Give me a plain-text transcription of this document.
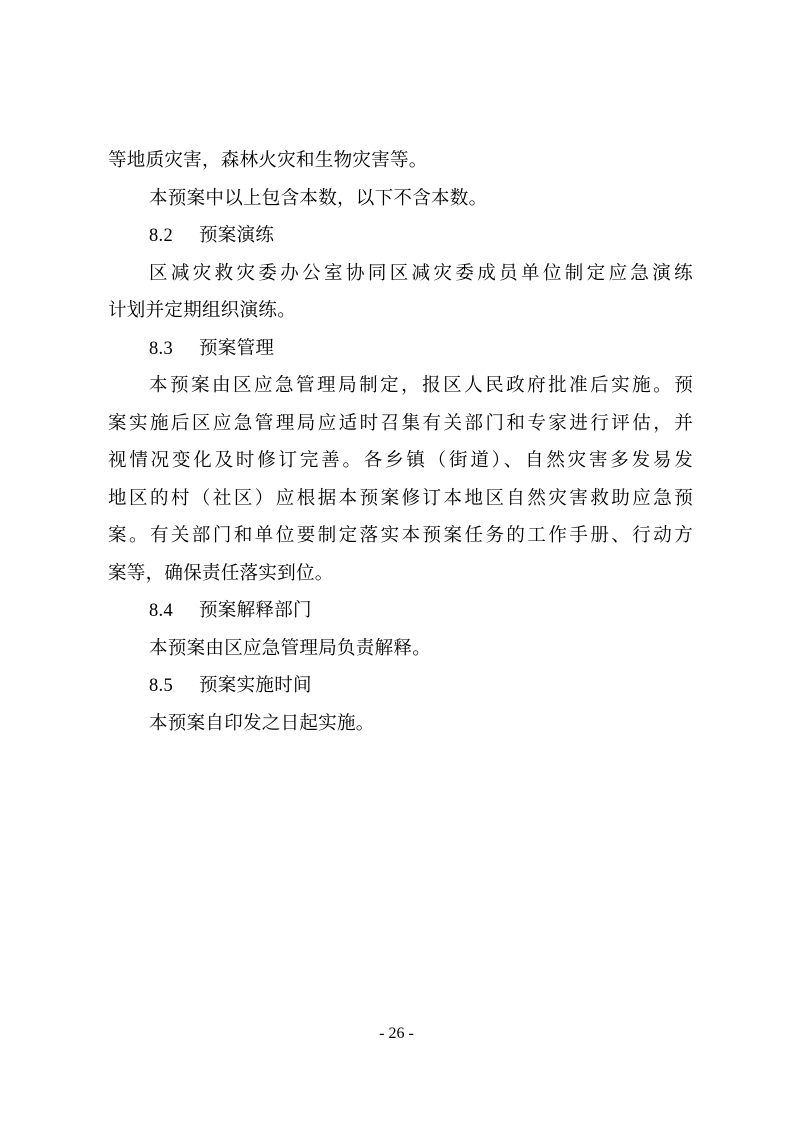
等地质灾害，森林火灾和生物灾害等。
本预案中以上包含本数，以下不含本数。
8.2 预案演练
区减灾救灾委办公室协同区减灾委成员单位制定应急演练
计划并定期组织演练。
8.3 预案管理
本预案由区应急管理局制定，报区人民政府批准后实施。预
案实施后区应急管理局应适时召集有关部门和专家进行评估，并
视情况变化及时修订完善。各乡镇（街道）、自然灾害多发易发
地区的村（社区）应根据本预案修订本地区自然灾害救助应急预
案。有关部门和单位要制定落实本预案任务的工作手册、行动方
案等，确保责任落实到位。
8.4 预案解释部门
本预案由区应急管理局负责解释。
8.5 预案实施时间
本预案自印发之日起实施。
- 26 -
